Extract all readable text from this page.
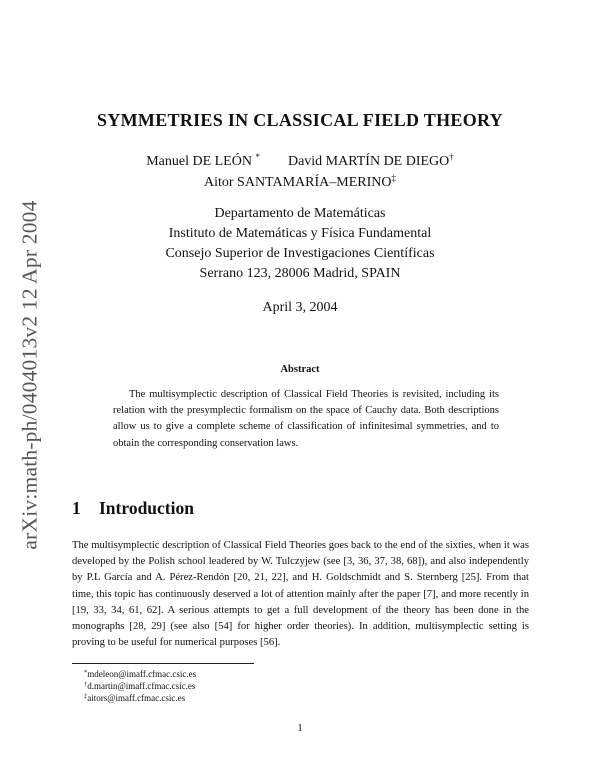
arXiv:math-ph/0404013v2 12 Apr 2004
SYMMETRIES IN CLASSICAL FIELD THEORY
Manuel DE LEÓN * David MARTÍN DE DIEGO†
Aitor SANTAMARÍA–MERINO‡
Departamento de Matemáticas
Instituto de Matemáticas y Física Fundamental
Consejo Superior de Investigaciones Científicas
Serrano 123, 28006 Madrid, SPAIN
April 3, 2004
Abstract

The multisymplectic description of Classical Field Theories is revisited, including its relation with the presymplectic formalism on the space of Cauchy data. Both descriptions allow us to give a complete scheme of classification of infinitesimal symmetries, and to obtain the corresponding conservation laws.

1 Introduction

The multisymplectic description of Classical Field Theories goes back to the end of the sixties, when it was developed by the Polish school leadered by W. Tulczyjew (see [3, 36, 37, 38, 68]), and also independently by P.L García and A. Pérez-Rendón [20, 21, 22], and H. Goldschmidt and S. Sternberg [25]. From that time, this topic has continuously deserved a lot of attention mainly after the paper [7], and more recently in [19, 33, 34, 61, 62]. A serious attempts to get a full development of the theory has been done in the monographs [28, 29] (see also [54] for higher order theories). In addition, multisymplectic setting is proving to be useful for numerical purposes [56].

*mdeleon@imaff.cfmac.csic.es
†d.martin@imaff.cfmac.csic.es
‡aitors@imaff.cfmac.csic.es
1
